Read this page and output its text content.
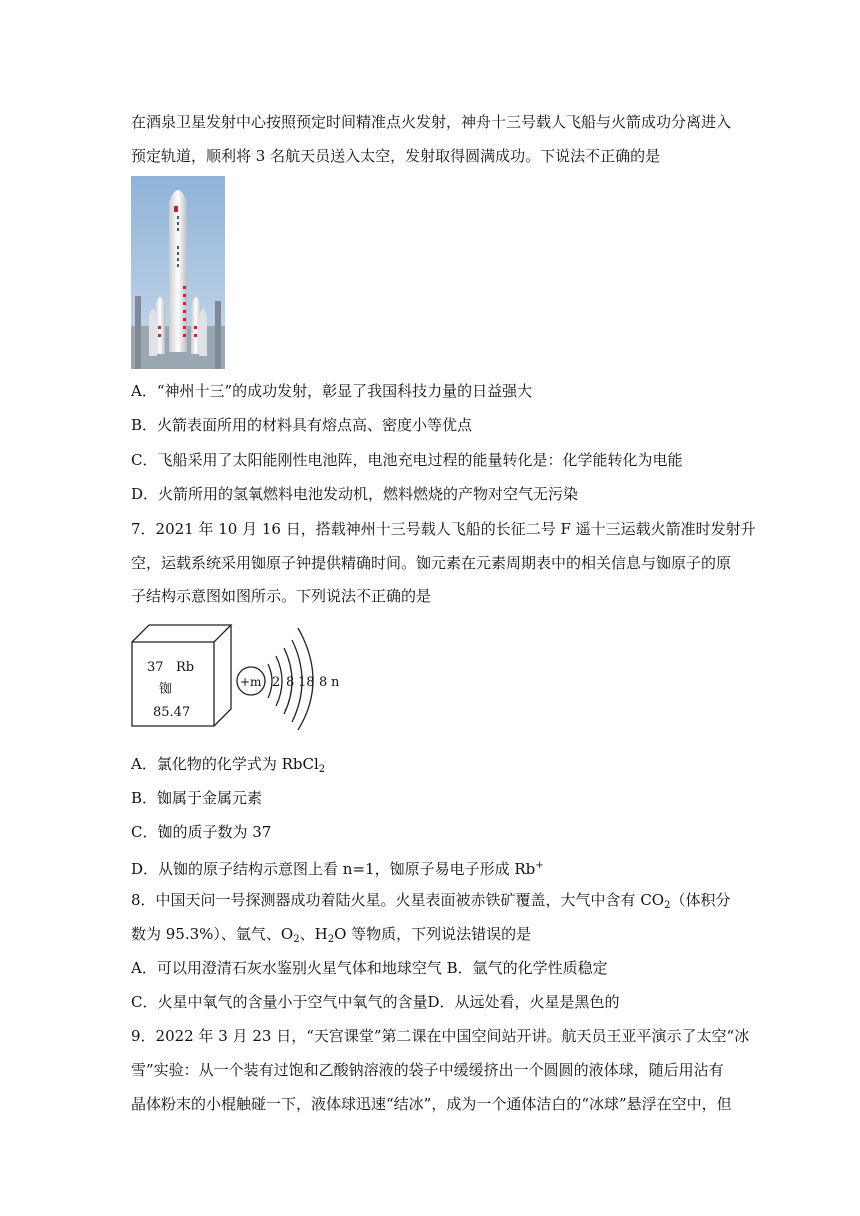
在酒泉卫星发射中心按照预定时间精准点火发射，神舟十三号载人飞船与火箭成功分离进入
预定轨道，顺利将 3 名航天员送入太空，发射取得圆满成功。下说法不正确的是
A．“神州十三”的成功发射，彰显了我国科技力量的日益强大
B．火箭表面所用的材料具有熔点高、密度小等优点
C．飞船采用了太阳能刚性电池阵，电池充电过程的能量转化是：化学能转化为电能
D．火箭所用的氢氧燃料电池发动机，燃料燃烧的产物对空气无污染
7．2021 年 10 月 16 日，搭载神州十三号载人飞船的长征二号 F 遥十三运载火箭准时发射升
空，运载系统采用铷原子钟提供精确时间。铷元素在元素周期表中的相关信息与铷原子的原
子结构示意图如图所示。下列说法不正确的是
37 Rb
铷
85.47
+m 2 8 18 8 n
A．氯化物的化学式为 RbCl$_2$
B．铷属于金属元素
C．铷的质子数为 37
D．从铷的原子结构示意图上看 n=1，铷原子易电子形成 Rb+
8．中国天问一号探测器成功着陆火星。火星表面被赤铁矿覆盖，大气中含有 $CO_2$（体积分
数为 95.3%）、氩气、$O_2$、$H_2O$ 等物质，下列说法错误的是
A．可以用澄清石灰水鉴别火星气体和地球空气 B．氩气的化学性质稳定
C．火星中氧气的含量小于空气中氧气的含量D．从远处看，火星是黑色的
9．2022 年 3 月 23 日，“天宫课堂”第二课在中国空间站开讲。航天员王亚平演示了太空“冰
雪”实验：从一个装有过饱和乙酸钠溶液的袋子中缓缓挤出一个圆圆的液体球，随后用沾有
晶体粉末的小棍触碰一下，液体球迅速“结冰”，成为一个通体洁白的“冰球”悬浮在空中，但
